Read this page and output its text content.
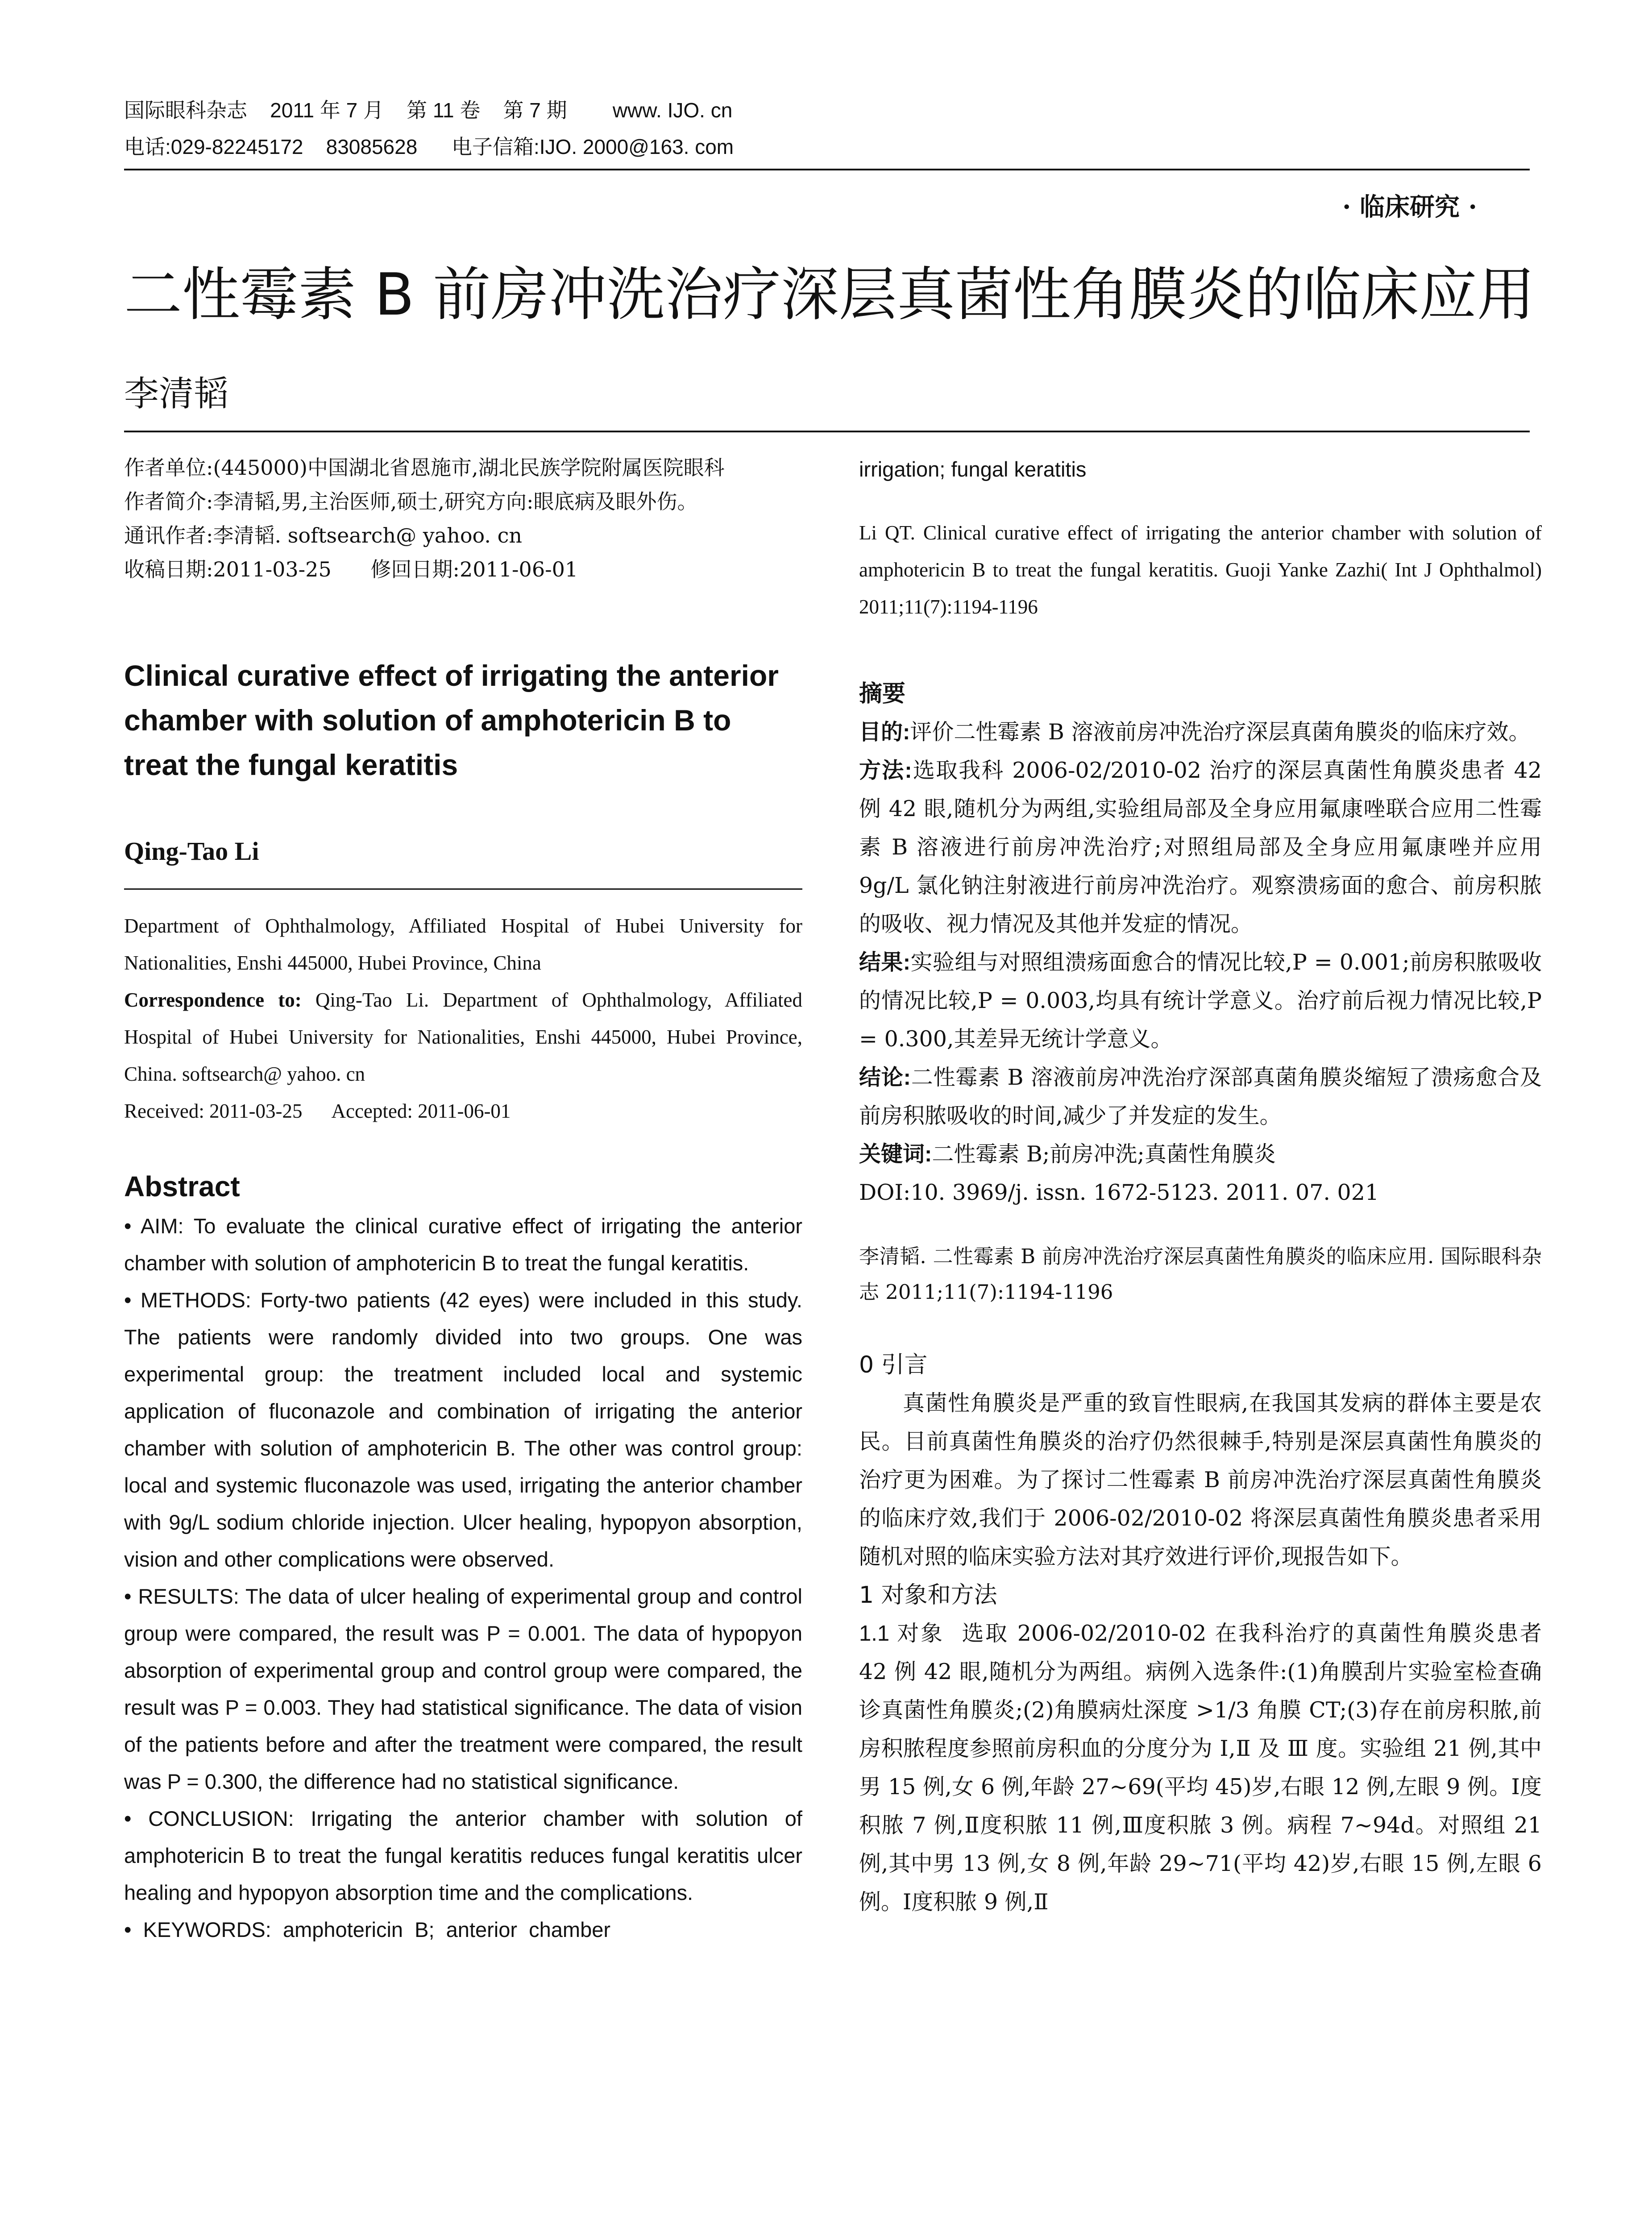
国际眼科杂志    2011 年 7 月    第 11 卷    第 7 期        www. IJO. cn
电话:029-82245172    83085628      电子信箱:IJO. 2000@163. com
· 临床研究 ·
二性霉素 B 前房冲洗治疗深层真菌性角膜炎的临床应用
李清韬

作者单位:(445000)中国湖北省恩施市,湖北民族学院附属医院眼科

作者简介:李清韬,男,主治医师,硕士,研究方向:眼底病及眼外伤。

通讯作者:李清韬. softsearch@ yahoo. cn

收稿日期:2011-03-25      修回日期:2011-06-01

Clinical curative effect of irrigating the anterior chamber with solution of amphotericin B to treat the fungal keratitis

Qing-Tao Li

Department of Ophthalmology, Affiliated Hospital of Hubei University for Nationalities, Enshi 445000, Hubei Province, China

Correspondence to: Qing-Tao Li. Department of Ophthalmology, Affiliated Hospital of Hubei University for Nationalities, Enshi 445000, Hubei Province, China. softsearch@ yahoo. cn

Received: 2011-03-25      Accepted: 2011-06-01

Abstract

• AIM: To evaluate the clinical curative effect of irrigating the anterior chamber with solution of amphotericin B to treat the fungal keratitis.

• METHODS: Forty-two patients (42 eyes) were included in this study. The patients were randomly divided into two groups. One was experimental group: the treatment included local and systemic application of fluconazole and combination of irrigating the anterior chamber with solution of amphotericin B. The other was control group: local and systemic fluconazole was used, irrigating the anterior chamber with 9g/L sodium chloride injection. Ulcer healing, hypopyon absorption, vision and other complications were observed.

• RESULTS: The data of ulcer healing of experimental group and control group were compared, the result was P = 0.001. The data of hypopyon absorption of experimental group and control group were compared, the result was P = 0.003. They had statistical significance. The data of vision of the patients before and after the treatment were compared, the result was P = 0.300, the difference had no statistical significance.

• CONCLUSION: Irrigating the anterior chamber with solution of amphotericin B to treat the fungal keratitis reduces fungal keratitis ulcer healing and hypopyon absorption time and the complications.

•  KEYWORDS:  amphotericin  B;  anterior  chamber

irrigation; fungal keratitis

Li QT. Clinical curative effect of irrigating the anterior chamber with solution of amphotericin B to treat the fungal keratitis. Guoji Yanke Zazhi( Int J Ophthalmol) 2011;11(7):1194-1196

摘要

目的:评价二性霉素 B 溶液前房冲洗治疗深层真菌角膜炎的临床疗效。

方法:选取我科 2006-02/2010-02 治疗的深层真菌性角膜炎患者 42 例 42 眼,随机分为两组,实验组局部及全身应用氟康唑联合应用二性霉素 B 溶液进行前房冲洗治疗;对照组局部及全身应用氟康唑并应用 9g/L 氯化钠注射液进行前房冲洗治疗。观察溃疡面的愈合、前房积脓的吸收、视力情况及其他并发症的情况。

结果:实验组与对照组溃疡面愈合的情况比较,P = 0.001;前房积脓吸收的情况比较,P = 0.003,均具有统计学意义。治疗前后视力情况比较,P = 0.300,其差异无统计学意义。

结论:二性霉素 B 溶液前房冲洗治疗深部真菌角膜炎缩短了溃疡愈合及前房积脓吸收的时间,减少了并发症的发生。

关键词:二性霉素 B;前房冲洗;真菌性角膜炎

DOI:10. 3969/j. issn. 1672-5123. 2011. 07. 021

李清韬. 二性霉素 B 前房冲洗治疗深层真菌性角膜炎的临床应用. 国际眼科杂志 2011;11(7):1194-1196

0 引言

真菌性角膜炎是严重的致盲性眼病,在我国其发病的群体主要是农民。目前真菌性角膜炎的治疗仍然很棘手,特别是深层真菌性角膜炎的治疗更为困难。为了探讨二性霉素 B 前房冲洗治疗深层真菌性角膜炎的临床疗效,我们于 2006-02/2010-02 将深层真菌性角膜炎患者采用随机对照的临床实验方法对其疗效进行评价,现报告如下。

1 对象和方法

1.1 对象 选取 2006-02/2010-02 在我科治疗的真菌性角膜炎患者 42 例 42 眼,随机分为两组。病例入选条件:(1)角膜刮片实验室检查确诊真菌性角膜炎;(2)角膜病灶深度 >1/3 角膜 CT;(3)存在前房积脓,前房积脓程度参照前房积血的分度分为 Ⅰ,Ⅱ 及 Ⅲ 度。实验组 21 例,其中男 15 例,女 6 例,年龄 27~69(平均 45)岁,右眼 12 例,左眼 9 例。Ⅰ度积脓 7 例,Ⅱ度积脓 11 例,Ⅲ度积脓 3 例。病程 7~94d。对照组 21 例,其中男 13 例,女 8 例,年龄 29~71(平均 42)岁,右眼 15 例,左眼 6 例。Ⅰ度积脓 9 例,Ⅱ
